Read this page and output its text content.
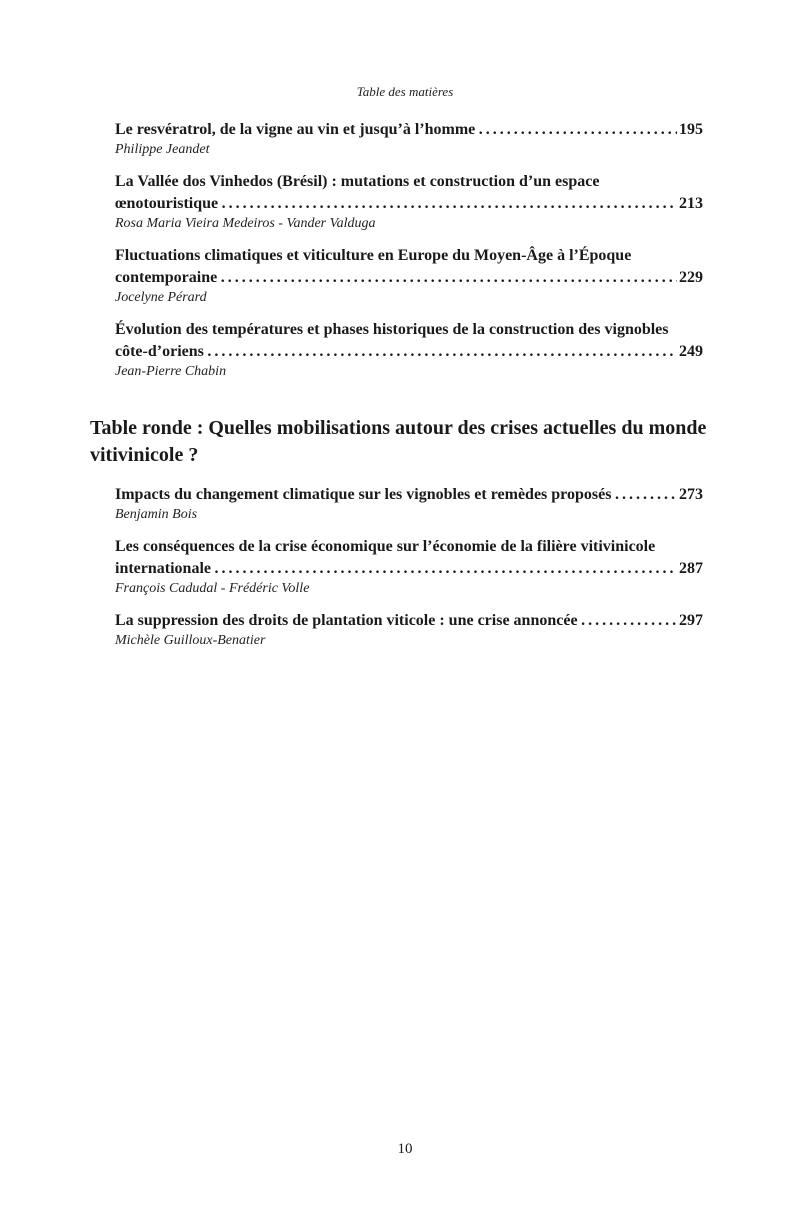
Table des matières
Le resvératrol, de la vigne au vin et jusqu’à l’homme . . .	195
Philippe Jeandet
La Vallée dos Vinhedos (Brésil) : mutations et construction d’un espace
œnotouristique . . .	213
Rosa Maria Vieira Medeiros - Vander Valduga
Fluctuations climatiques et viticulture en Europe du Moyen-Âge à l’Époque
contemporaine . . .	229
Jocelyne Pérard
Évolution des températures et phases historiques de la construction des vignobles
côte-d’oriens . . .	249
Jean-Pierre Chabin
Table ronde : Quelles mobilisations autour des crises actuelles du monde vitivinicole ?
Impacts du changement climatique sur les vignobles et remèdes proposés . . .	273
Benjamin Bois
Les conséquences de la crise économique sur l’économie de la filière vitivinicole
internationale . . .	287
François Cadudal - Frédéric Volle
La suppression des droits de plantation viticole : une crise annoncée . . .	297
Michèle Guilloux-Benatier
10
